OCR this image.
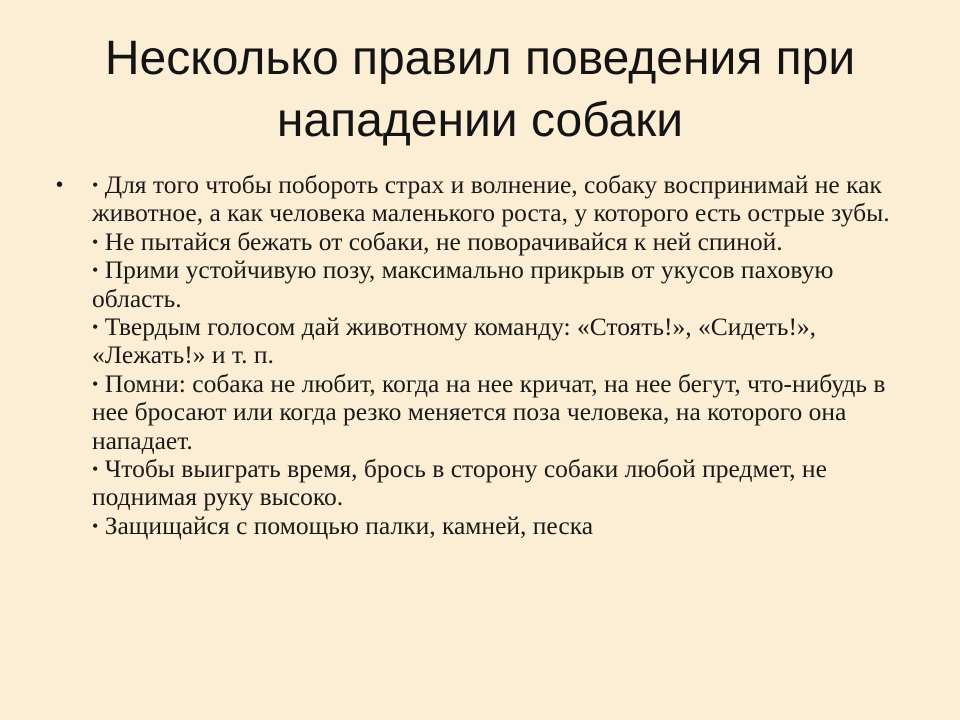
Несколько правил поведения при нападении собаки
• • Для того чтобы побороть страх и волнение, собаку воспринимай не как животное, а как человека маленького роста, у которого есть острые зубы.
• Не пытайся бежать от собаки, не поворачивайся к ней спиной.
• Прими устойчивую позу, максимально прикрыв от укусов паховую область.
• Твердым голосом дай животному команду: «Стоять!», «Сидеть!», «Лежать!» и т. п.
• Помни: собака не любит, когда на нее кричат, на нее бегут, что-нибудь в нее бросают или когда резко меняется поза человека, на которого она нападает.
• Чтобы выиграть время, брось в сторону собаки любой предмет, не поднимая руку высоко.
• Защищайся с помощью палки, камней, песка
